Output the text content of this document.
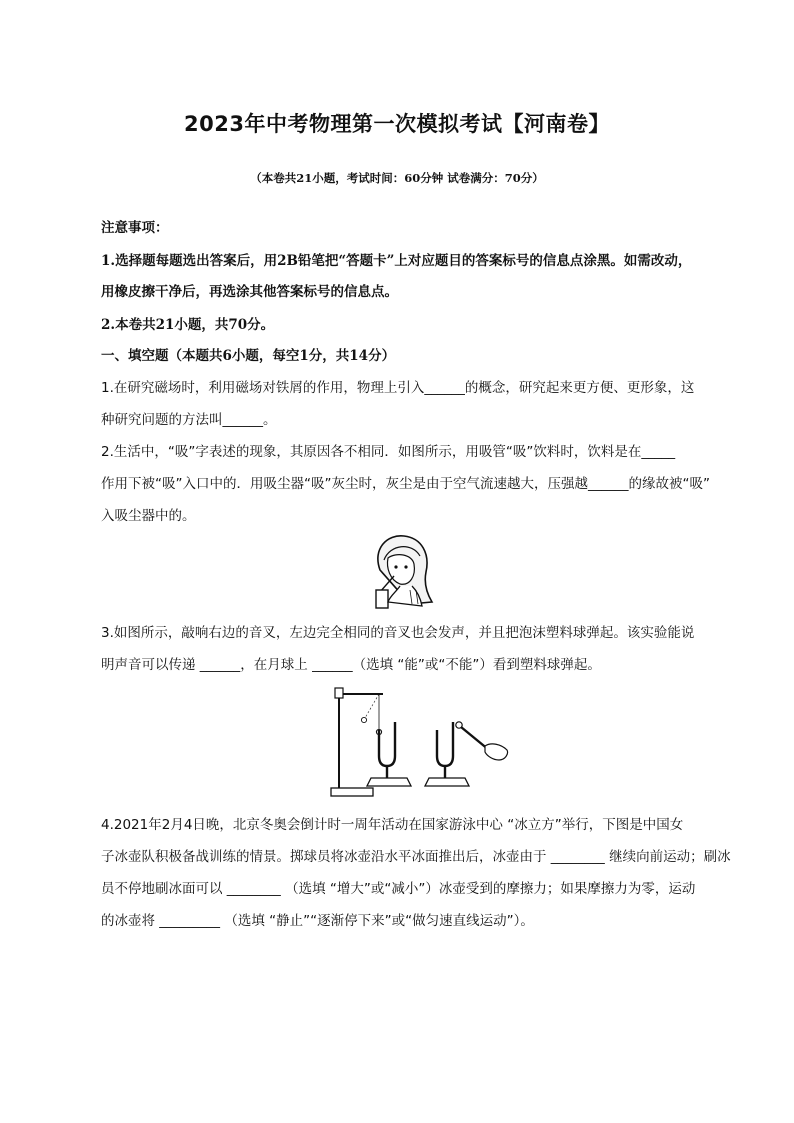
2023年中考物理第一次模拟考试【河南卷】
（本卷共21小题，考试时间：60分钟 试卷满分：70分）
注意事项：
1.选择题每题选出答案后，用2B铅笔把“答题卡”上对应题目的答案标号的信息点涂黑。如需改动，
用橡皮擦干净后，再选涂其他答案标号的信息点。
2.本卷共21小题，共70分。
一、填空题（本题共6小题，每空1分，共14分）
1.在研究磁场时，利用磁场对铁屑的作用，物理上引入______的概念，研究起来更方便、更形象，这
种研究问题的方法叫______。
2.生活中，“吸”字表述的现象，其原因各不相同．如图所示，用吸管“吸”饮料时，饮料是在_____
作用下被“吸”入口中的．用吸尘器“吸”灰尘时，灰尘是由于空气流速越大，压强越______的缘故被“吸”
入吸尘器中的。
3.如图所示，敲响右边的音叉，左边完全相同的音叉也会发声，并且把泡沫塑料球弹起。该实验能说
明声音可以传递 ______，在月球上 ______（选填 “能”或“不能”）看到塑料球弹起。
4.2021年2月4日晚，北京冬奥会倒计时一周年活动在国家游泳中心 “冰立方”举行，下图是中国女
子冰壶队积极备战训练的情景。掷球员将冰壶沿水平冰面推出后，冰壶由于 ________ 继续向前运动；刷冰
员不停地刷冰面可以 ________ （选填 “增大”或“减小”）冰壶受到的摩擦力；如果摩擦力为零，运动
的冰壶将 _________ （选填 “静止”“逐渐停下来”或“做匀速直线运动”）。
